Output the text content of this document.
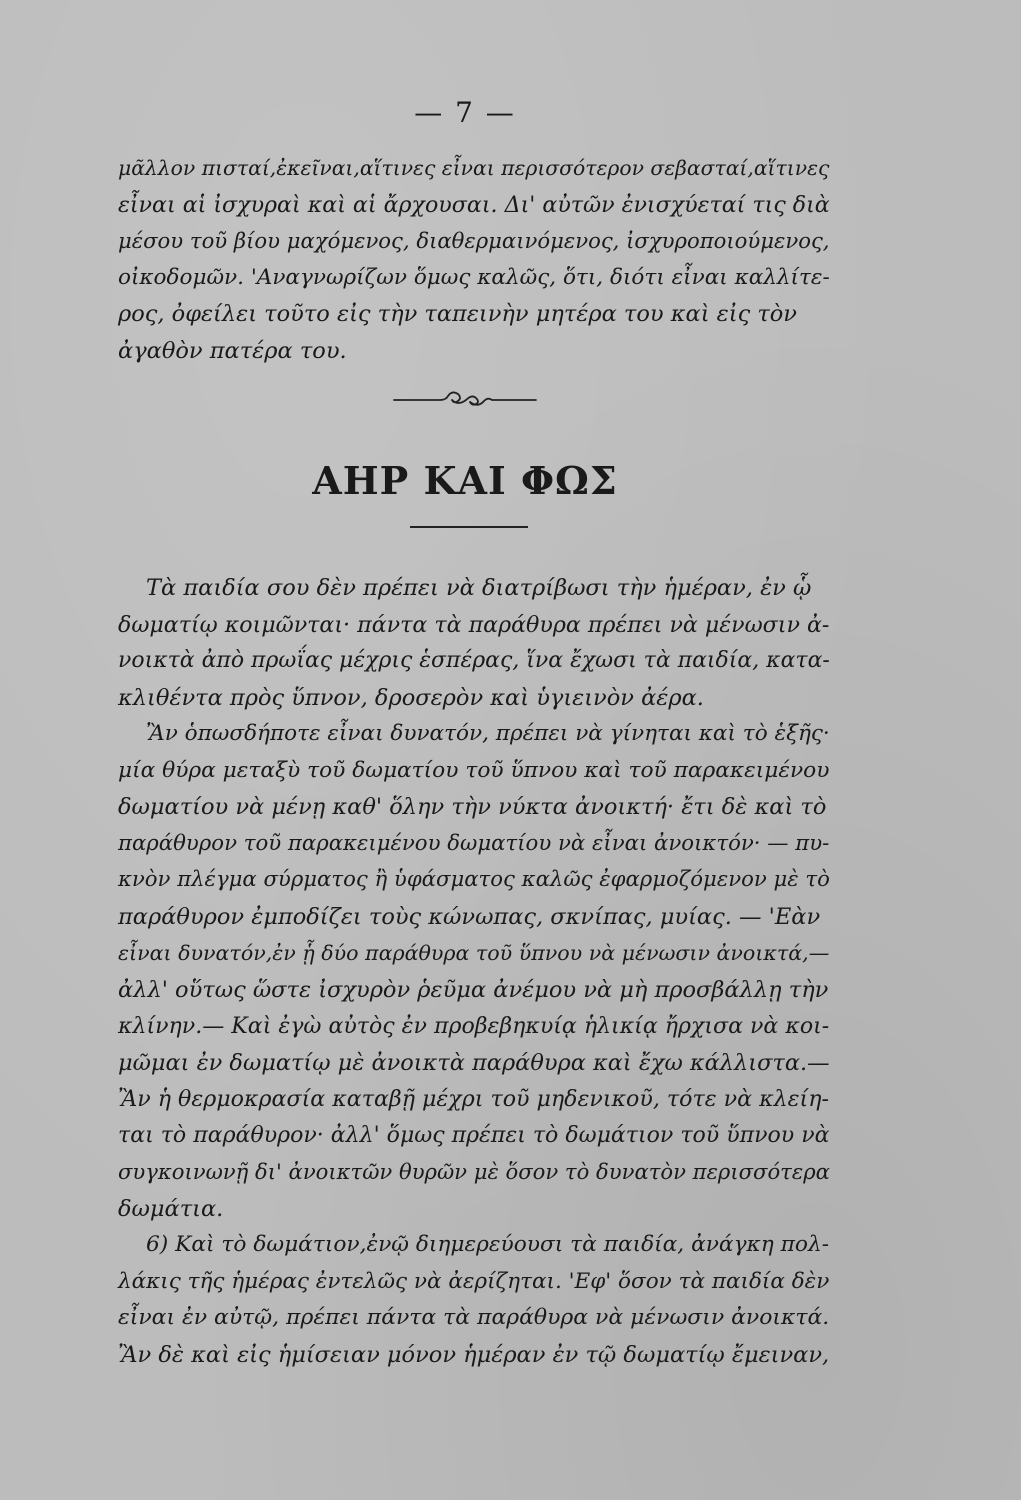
— 7 —
μᾶλλον πισταί,ἐκεῖναι,αἵτινες εἶναι περισσότερον σεβασταί,αἵτινες
εἶναι αἱ ἰσχυραὶ καὶ αἱ ἄρχουσαι. Δι' αὐτῶν ἐνισχύεταί τις διὰ
μέσου τοῦ βίου μαχόμενος, διαθερμαινόμενος, ἰσχυροποιούμενος,
οἰκοδομῶν. 'Αναγνωρίζων ὅμως καλῶς, ὅτι, διότι εἶναι καλλίτε-
ρος, ὀφείλει τοῦτο εἰς τὴν ταπεινὴν μητέρα του καὶ εἰς τὸν
ἀγαθὸν πατέρα του.
ΑΗΡ ΚΑΙ ΦΩΣ
Τὰ παιδία σου δὲν πρέπει νὰ διατρίβωσι τὴν ἡμέραν, ἐν ᾧ
δωματίῳ κοιμῶνται· πάντα τὰ παράθυρα πρέπει νὰ μένωσιν ἀ-
νοικτὰ ἀπὸ πρωΐας μέχρις ἑσπέρας, ἵνα ἔχωσι τὰ παιδία, κατα-
κλιθέντα πρὸς ὕπνον, δροσερὸν καὶ ὑγιεινὸν ἀέρα.
Ἂν ὁπωσδήποτε εἶναι δυνατόν, πρέπει νὰ γίνηται καὶ τὸ ἑξῆς·
μία θύρα μεταξὺ τοῦ δωματίου τοῦ ὕπνου καὶ τοῦ παρακειμένου
δωματίου νὰ μένῃ καθ' ὅλην τὴν νύκτα ἀνοικτή· ἔτι δὲ καὶ τὸ
παράθυρον τοῦ παρακειμένου δωματίου νὰ εἶναι ἀνοικτόν· — πυ-
κνὸν πλέγμα σύρματος ἢ ὑφάσματος καλῶς ἐφαρμοζόμενον μὲ τὸ
παράθυρον ἐμποδίζει τοὺς κώνωπας, σκνίπας, μυίας. — 'Εὰν
εἶναι δυνατόν,ἐν ᾗ δύο παράθυρα τοῦ ὕπνου νὰ μένωσιν ἀνοικτά,—
ἀλλ' οὕτως ὥστε ἰσχυρὸν ῥεῦμα ἀνέμου νὰ μὴ προσβάλλῃ τὴν
κλίνην.— Καὶ ἐγὼ αὐτὸς ἐν προβεβηκυίᾳ ἡλικίᾳ ἤρχισα νὰ κοι-
μῶμαι ἐν δωματίῳ μὲ ἀνοικτὰ παράθυρα καὶ ἔχω κάλλιστα.—
Ἂν ἡ θερμοκρασία καταβῇ μέχρι τοῦ μηδενικοῦ, τότε νὰ κλείη-
ται τὸ παράθυρον· ἀλλ' ὅμως πρέπει τὸ δωμάτιον τοῦ ὕπνου νὰ
συγκοινωνῇ δι' ἀνοικτῶν θυρῶν μὲ ὅσον τὸ δυνατὸν περισσότερα
δωμάτια.
6) Καὶ τὸ δωμάτιον,ἐνῷ διημερεύουσι τὰ παιδία, ἀνάγκη πολ-
λάκις τῆς ἡμέρας ἐντελῶς νὰ ἀερίζηται. 'Εφ' ὅσον τὰ παιδία δὲν
εἶναι ἐν αὐτῷ, πρέπει πάντα τὰ παράθυρα νὰ μένωσιν ἀνοικτά.
Ἂν δὲ καὶ εἰς ἡμίσειαν μόνον ἡμέραν ἐν τῷ δωματίῳ ἔμειναν,
